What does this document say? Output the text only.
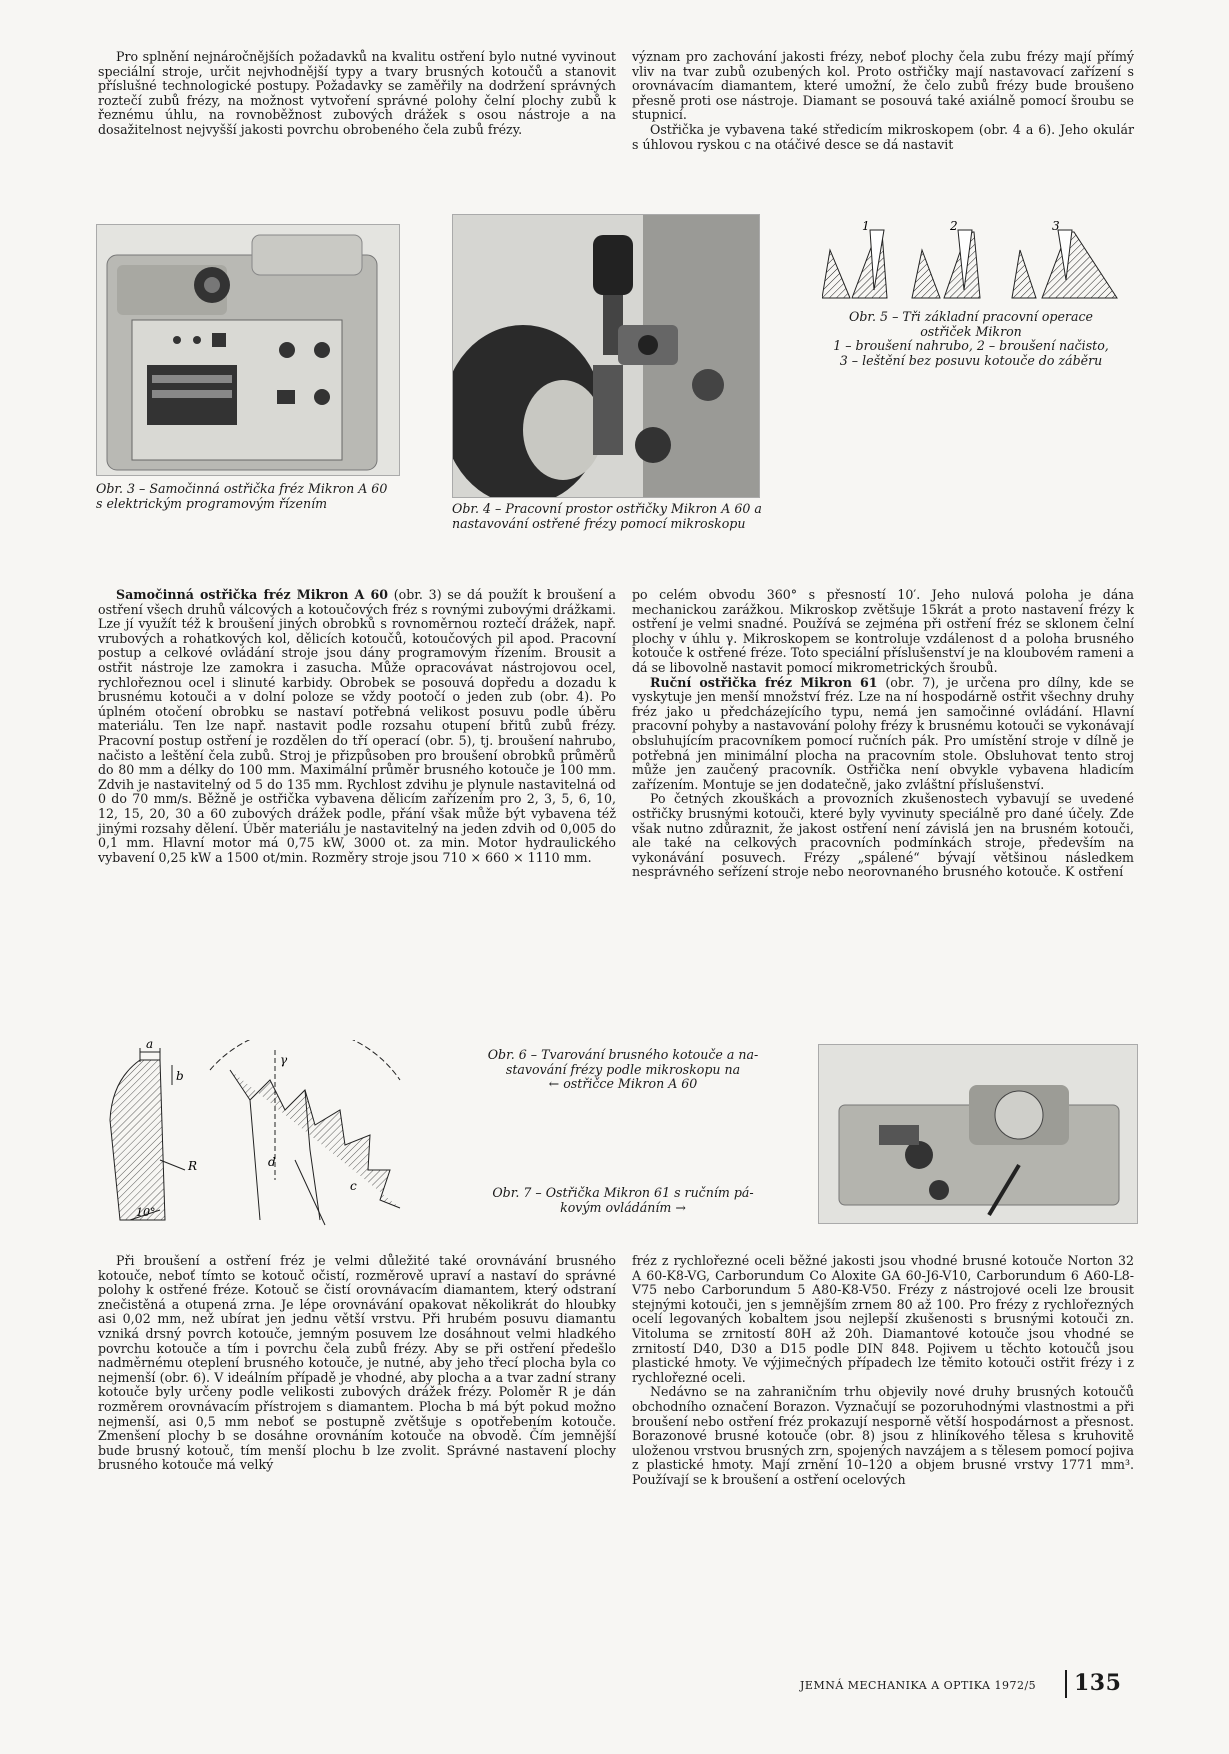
Pro splnění nejnáročnějších požadavků na kvalitu ostření bylo nutné vyvinout speciální stroje, určit nejvhodnější typy a tvary brusných kotoučů a stanovit příslušné technologické postupy. Požadavky se zaměřily na dodržení správných roztečí zubů frézy, na možnost vytvoření správné polohy čelní plochy zubů k řeznému úhlu, na rovnoběžnost zubových drážek s osou nástroje a na dosažitelnost nejvyšší jakosti povrchu obrobeného čela zubů frézy.

význam pro zachování jakosti frézy, neboť plochy čela zubu frézy mají přímý vliv na tvar zubů ozubených kol. Proto ostřičky mají nastavovací zařízení s orovnávacím diamantem, které umožní, že čelo zubů frézy bude broušeno přesně proti ose nástroje. Diamant se posouvá také axiálně pomocí šroubu se stupnicí.

Ostřička je vybavena také středicím mikroskopem (obr. 4 a 6). Jeho okulár s úhlovou ryskou c na otáčivé desce se dá nastavit

Obr. 3 – Samočinná ostřička fréz Mikron A 60 s elektrickým programovým řízením	Obr. 4 – Pracovní prostor ostřičky Mikron A 60 a nastavování ostřené frézy pomocí mikroskopu
1	2	3
Obr. 5 – Tři základní pracovní operace
ostřiček Mikron
1 – broušení nahrubo, 2 – broušení načisto,
3 – leštění bez posuvu kotouče do záběru

Samočinná ostřička fréz Mikron A 60 (obr. 3) se dá použít k broušení a ostření všech druhů válcových a kotoučových fréz s rovnými zubovými drážkami. Lze jí využít též k broušení jiných obrobků s rovnoměrnou roztečí drážek, např. vrubových a rohatkových kol, dělicích kotoučů, kotoučových pil apod. Pracovní postup a celkové ovládání stroje jsou dány programovým řízením. Brousit a ostřit nástroje lze zamokra i zasucha. Může opracovávat nástrojovou ocel, rychlořeznou ocel i slinuté karbidy. Obrobek se posouvá dopředu a dozadu k brusnému kotouči a v dolní poloze se vždy pootočí o jeden zub (obr. 4). Po úplném otočení obrobku se nastaví potřebná velikost posuvu podle úběru materiálu. Ten lze např. nastavit podle rozsahu otupení břitů zubů frézy. Pracovní postup ostření je rozdělen do tří operací (obr. 5), tj. broušení nahrubo, načisto a leštění čela zubů. Stroj je přizpůsoben pro broušení obrobků průměrů do 80 mm a délky do 100 mm. Maximální průměr brusného kotouče je 100 mm. Zdvih je nastavitelný od 5 do 135 mm. Rychlost zdvihu je plynule nastavitelná od 0 do 70 mm/s. Běžně je ostřička vybavena dělicím zařízením pro 2, 3, 5, 6, 10, 12, 15, 20, 30 a 60 zubových drážek podle, přání však může být vybavena též jinými rozsahy dělení. Úběr materiálu je nastavitelný na jeden zdvih od 0,005 do 0,1 mm. Hlavní motor má 0,75 kW, 3000 ot. za min. Motor hydraulického vybavení 0,25 kW a 1500 ot/min. Rozměry stroje jsou 710 × 660 × 1110 mm.

po celém obvodu 360° s přesností 10′. Jeho nulová poloha je dána mechanickou zarážkou. Mikroskop zvětšuje 15krát a proto nastavení frézy k ostření je velmi snadné. Používá se zejména při ostření fréz se sklonem čelní plochy v úhlu γ. Mikroskopem se kontroluje vzdálenost d a poloha brusného kotouče k ostřené fréze. Toto speciální příslušenství je na kloubovém rameni a dá se libovolně nastavit pomocí mikrometrických šroubů.

Ruční ostřička fréz Mikron 61 (obr. 7), je určena pro dílny, kde se vyskytuje jen menší množství fréz. Lze na ní hospodárně ostřit všechny druhy fréz jako u předcházejícího typu, nemá jen samočinné ovládání. Hlavní pracovní pohyby a nastavování polohy frézy k brusnému kotouči se vykonávají obsluhujícím pracovníkem pomocí ručních pák. Pro umístění stroje v dílně je potřebná jen minimální plocha na pracovním stole. Obsluhovat tento stroj může jen zaučený pracovník. Ostřička není obvykle vybavena hladicím zařízením. Montuje se jen dodatečně, jako zvláštní příslušenství.

Po četných zkouškách a provozních zkušenostech vybavují se uvedené ostřičky brusnými kotouči, které byly vyvinuty speciálně pro dané účely. Zde však nutno zdůraznit, že jakost ostření není závislá jen na brusném kotouči, ale také na celkových pracovních podmínkách stroje, především na vykonávání posuvech. Frézy „spálené“ bývají většinou následkem nesprávného seřízení stroje nebo neorovnaného brusného kotouče. K ostření

a
b
R
10°
d
c
γ	Obr. 6 – Tvarování brusného kotouče a na-
stavování frézy podle mikroskopu na
← ostřičce Mikron A 60
Obr. 7 – Ostřička Mikron 61 s ručním pá-
kovým ovládáním →

Při broušení a ostření fréz je velmi důležité také orovnávání brusného kotouče, neboť tímto se kotouč očistí, rozměrově upraví a nastaví do správné polohy k ostřené fréze. Kotouč se čistí orovnávacím diamantem, který odstraní znečistěná a otupená zrna. Je lépe orovnávání opakovat několikrát do hloubky asi 0,02 mm, než ubírat jen jednu větší vrstvu. Při hrubém posuvu diamantu vzniká drsný povrch kotouče, jemným posuvem lze dosáhnout velmi hladkého povrchu kotouče a tím i povrchu čela zubů frézy. Aby se při ostření předešlo nadměrnému oteplení brusného kotouče, je nutné, aby jeho třecí plocha byla co nejmenší (obr. 6). V ideálním případě je vhodné, aby plocha a a tvar zadní strany kotouče byly určeny podle velikosti zubových drážek frézy. Poloměr R je dán rozměrem orovnávacím přístrojem s diamantem. Plocha b má být pokud možno nejmenší, asi 0,5 mm neboť se postupně zvětšuje s opotřebením kotouče. Zmenšení plochy b se dosáhne orovnáním kotouče na obvodě. Čím jemnější bude brusný kotouč, tím menší plochu b lze zvolit. Správné nastavení plochy brusného kotouče má velký

fréz z rychlořezné oceli běžné jakosti jsou vhodné brusné kotouče Norton 32 A 60-K8-VG, Carborundum Co Aloxite GA 60-J6-V10, Carborundum 6 A60-L8-V75 nebo Carborundum 5 A80-K8-V50. Frézy z nástrojové oceli lze brousit stejnými kotouči, jen s jemnějším zrnem 80 až 100. Pro frézy z rychlořezných ocelí legovaných kobaltem jsou nejlepší zkušenosti s brusnými kotouči zn. Vitoluma se zrnitostí 80H až 20h. Diamantové kotouče jsou vhodné se zrnitostí D40, D30 a D15 podle DIN 848. Pojivem u těchto kotoučů jsou plastické hmoty. Ve výjimečných případech lze těmito kotouči ostřit frézy i z rychlořezné oceli.

Nedávno se na zahraničním trhu objevily nové druhy brusných kotoučů obchodního označení Borazon. Vyznačují se pozoruhodnými vlastnostmi a při broušení nebo ostření fréz prokazují nesporně větší hospodárnost a přesnost. Borazonové brusné kotouče (obr. 8) jsou z hliníkového tělesa s kruhovitě uloženou vrstvou brusných zrn, spojených navzájem a s tělesem pomocí pojiva z plastické hmoty. Mají zrnění 10–120 a objem brusné vrstvy 1771 mm³. Používají se k broušení a ostření ocelových

JEMNÁ MECHANIKA A OPTIKA 1972/5 135
